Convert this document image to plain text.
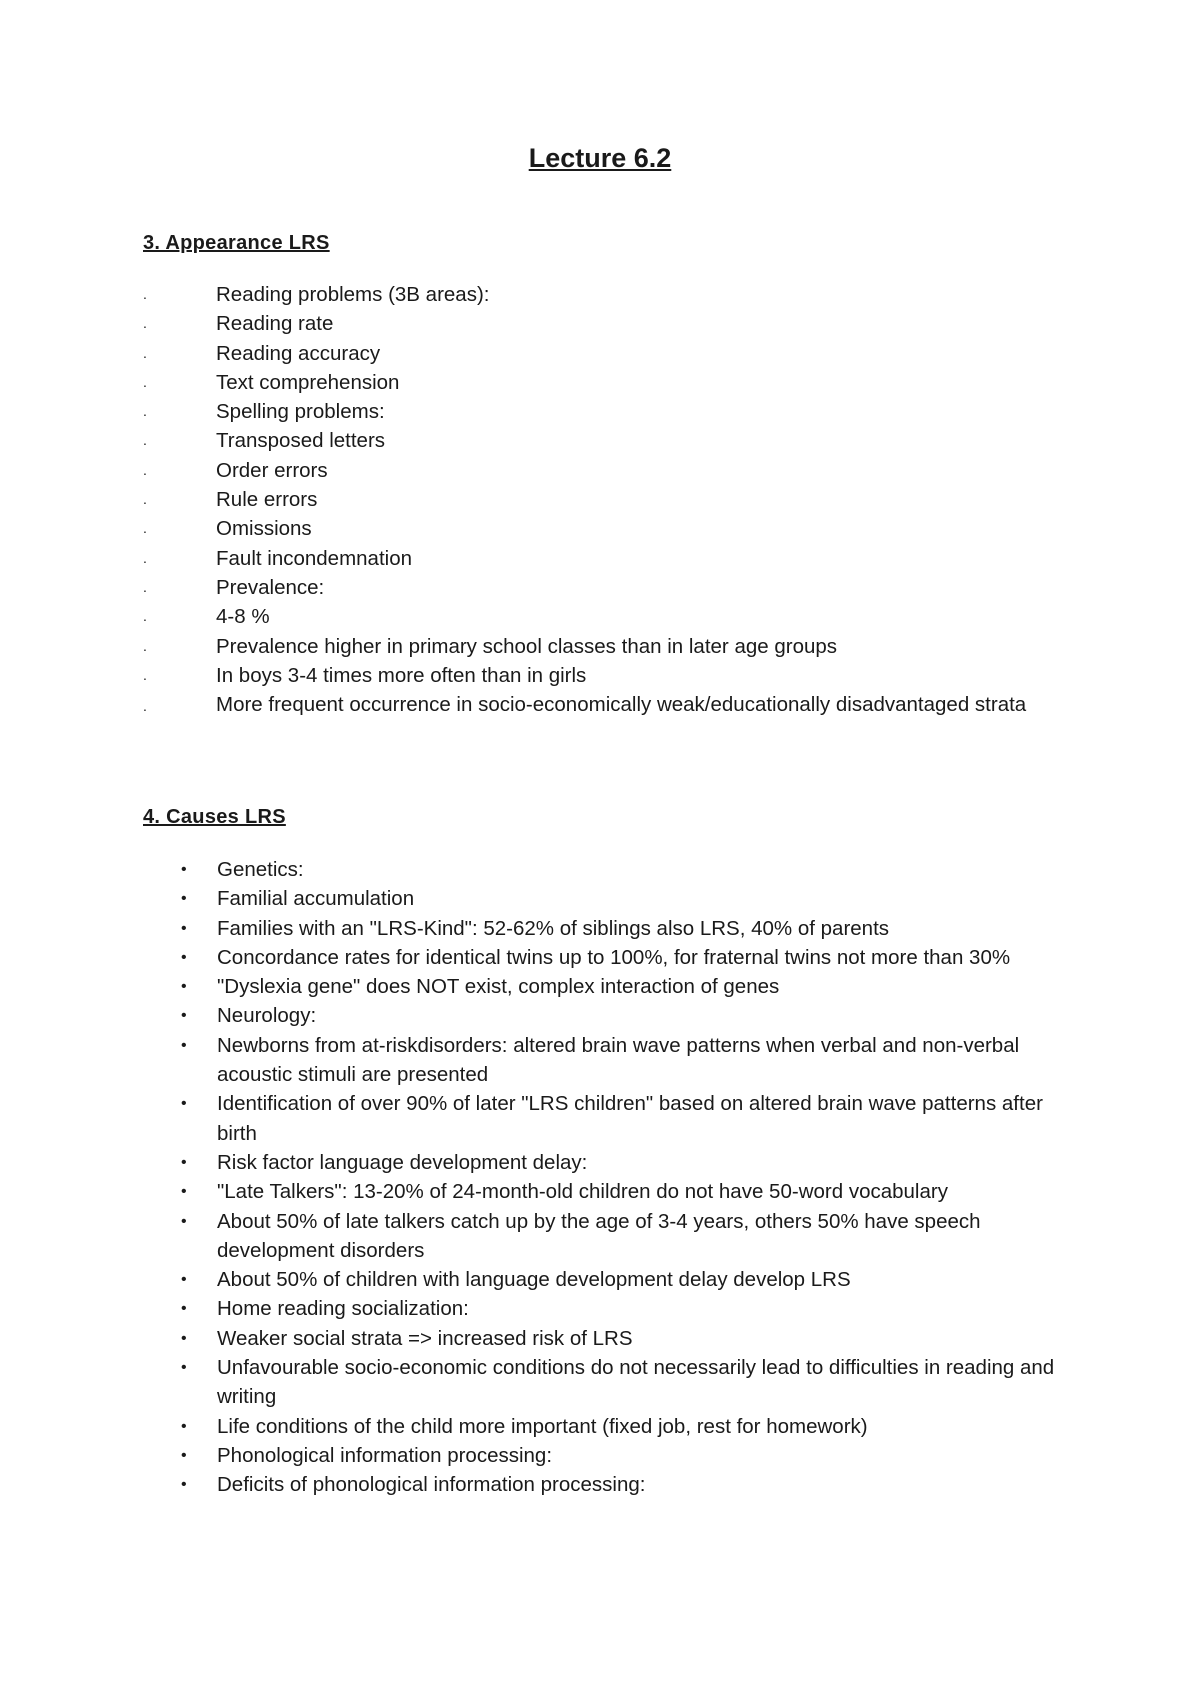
Lecture 6.2
3. Appearance LRS
.	Reading problems (3B areas):
.	Reading rate
.	Reading accuracy
.	Text comprehension
.	Spelling problems:
.	Transposed letters
.	Order errors
.	Rule errors
.	Omissions
.	Fault incondemnation
.	Prevalence:
.	4-8 %
.	Prevalence higher in primary school classes than in later age groups
.	In boys 3-4 times more often than in girls
.	More frequent occurrence in socio-economically weak/educationally disadvantaged strata
4. Causes LRS
• Genetics:
• Familial accumulation
• Families with an "LRS-Kind": 52-62% of siblings also LRS, 40% of parents
• Concordance rates for identical twins up to 100%, for fraternal twins not more than 30%
• "Dyslexia gene" does NOT exist, complex interaction of genes
• Neurology:
• Newborns from at-riskdisorders: altered brain wave patterns when verbal and non-verbal acoustic stimuli are presented
• Identification of over 90% of later "LRS children" based on altered brain wave patterns after birth
• Risk factor language development delay:
• "Late Talkers": 13-20% of 24-month-old children do not have 50-word vocabulary
• About 50% of late talkers catch up by the age of 3-4 years, others 50% have speech development disorders
• About 50% of children with language development delay develop LRS
• Home reading socialization:
• Weaker social strata => increased risk of LRS
• Unfavourable socio-economic conditions do not necessarily lead to difficulties in reading and writing
• Life conditions of the child more important (fixed job, rest for homework)
• Phonological information processing:
• Deficits of phonological information processing:
